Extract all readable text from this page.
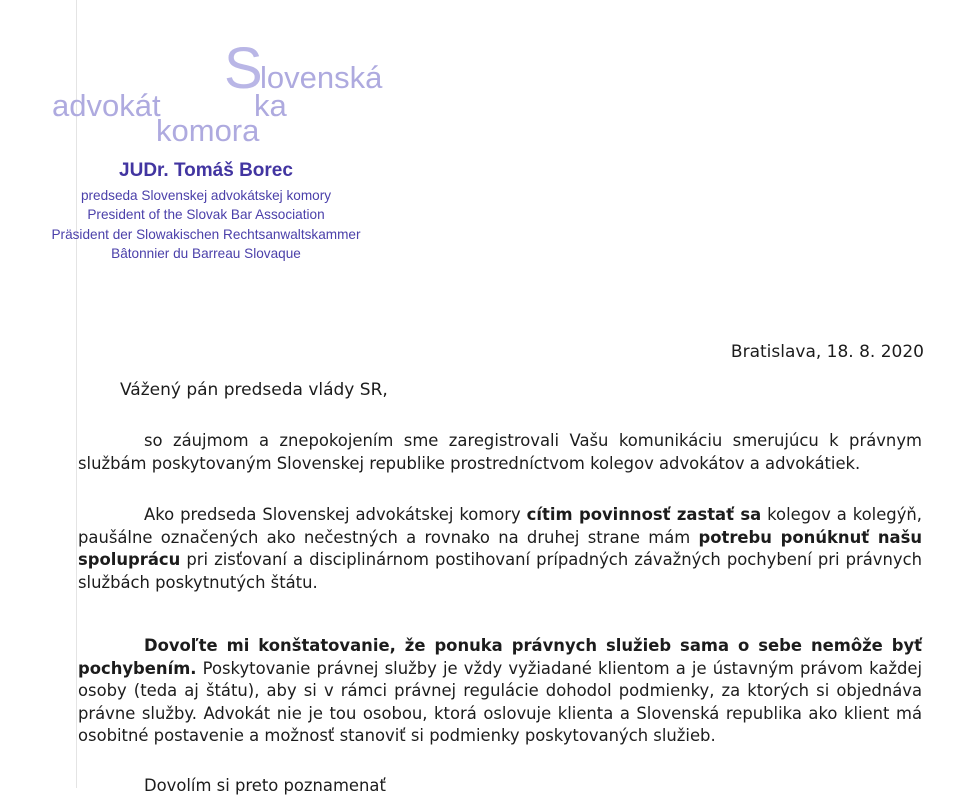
S
lovenská
advokát	ka
komora
JUDr. Tomáš Borec
predseda Slovenskej advokátskej komory
President of the Slovak Bar Association
Präsident der Slowakischen Rechtsanwaltskammer
Bâtonnier du Barreau Slovaque
Bratislava, 18. 8. 2020
Vážený pán predseda vlády SR,
so záujmom a znepokojením sme zaregistrovali Vašu komunikáciu smerujúcu k právnym službám poskytovaným Slovenskej republike prostredníctvom kolegov advokátov a advokátiek.
Ako predseda Slovenskej advokátskej komory cítim povinnosť zastať sa kolegov a kolegýň, paušálne označených ako nečestných a rovnako na druhej strane mám potrebu ponúknuť našu spoluprácu pri zisťovaní a disciplinárnom postihovaní prípadných závažných pochybení pri právnych službách poskytnutých štátu.
Dovoľte mi konštatovanie, že ponuka právnych služieb sama o sebe nemôže byť pochybením. Poskytovanie právnej služby je vždy vyžiadané klientom a je ústavným právom každej osoby (teda aj štátu), aby si v rámci právnej regulácie dohodol podmienky, za ktorých si objednáva právne služby. Advokát nie je tou osobou, ktorá oslovuje klienta a Slovenská republika ako klient má osobitné postavenie a možnosť stanoviť si podmienky poskytovaných služieb.
Dovolím si preto poznamenať
